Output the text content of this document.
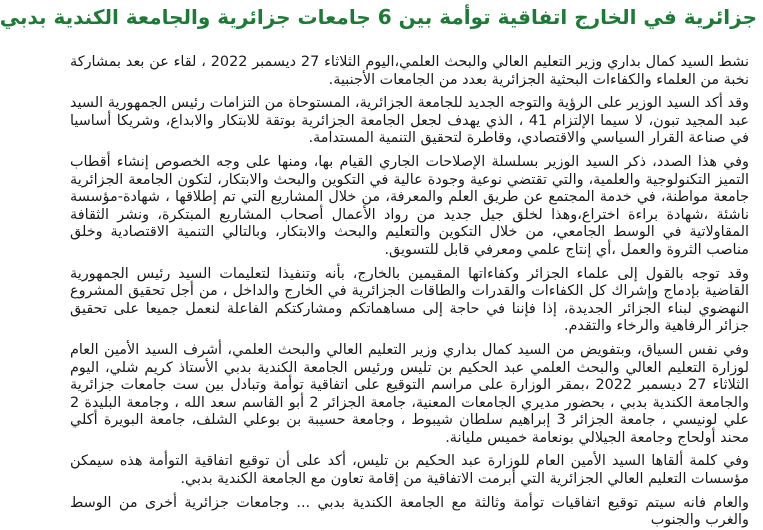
جزائرية في الخارج اتفاقية توأمة بين 6 جامعات جزائرية والجامعة الكندية بدبي

نشط السيد كمال بداري وزير التعليم العالي والبحث العلمي،اليوم الثلاثاء 27 ديسمبر 2022 ، لقاء عن بعد بمشاركة نخبة من العلماء والكفاءات البحثية الجزائرية بعدد من الجامعات الأجنبية.

وقد أكد السيد الوزير على الرؤية والتوجه الجديد للجامعة الجزائرية، المستوحاة من التزامات رئيس الجمهورية السيد عبد المجيد تبون، لا سيما الإلتزام 41 ، الذي يهدف لجعل الجامعة الجزائرية بوتقة للابتكار والابداع، وشريكا أساسيا في صناعة القرار السياسي والاقتصادي، وقاطرة لتحقيق التنمية المستدامة.

وفي هذا الصدد، ذكر السيد الوزير بسلسلة الإصلاحات الجاري القيام بها، ومنها على وجه الخصوص إنشاء أقطاب التميز التكنولوجية والعلمية، والتي تقتضي نوعية وجودة عالية في التكوين والبحث والابتكار، لتكون الجامعة الجزائرية جامعة مواطنة، في خدمة المجتمع عن طريق العلم والمعرفة، من خلال المشاريع التي تم إطلاقها ، شهادة-مؤسسة ناشئة ،شهادة براءة اختراع،وهذا لخلق جيل جديد من رواد الأعمال أصحاب المشاريع المبتكرة، ونشر الثقافة المقاولاتية في الوسط الجامعي، من خلال التكوين والتعليم والبحث والابتكار، وبالتالي التنمية الاقتصادية وخلق مناصب الثروة والعمل ،أي إنتاج علمي ومعرفي قابل للتسويق.

وقد توجه بالقول إلى علماء الجزائر وكفاءاتها المقيمين بالخارج، بأنه وتنفيذا لتعليمات السيد رئيس الجمهورية القاضية بإدماج وإشراك كل الكفاءات والقدرات والطاقات الجزائرية في الخارج والداخل ، من أجل تحقيق المشروع النهضوي لبناء الجزائر الجديدة، إذا فإننا في حاجة إلى مساهماتكم ومشاركتكم الفاعلة لنعمل جميعا على تحقيق جزائر الرفاهية والرخاء والتقدم.

وفي نفس السياق، وبتفويض من السيد كمال بداري وزير التعليم العالي والبحث العلمي، أشرف السيد الأمين العام لوزارة التعليم العالي والبحث العلمي عبد الحكيم بن تليس ورئيس الجامعة الكندية بدبي الأستاذ كريم شلي، اليوم الثلاثاء 27 ديسمبر 2022 ،بمقر الوزارة على مراسم التوقيع على اتفاقية توأمة وتبادل بين ست جامعات جزائرية والجامعة الكندية بدبي ، بحضور مديري الجامعات المعنية، جامعة الجزائر 2 أبو القاسم سعد الله ، وجامعة البليدة 2 علي لونيسي ، جامعة الجزائر 3 إبراهيم سلطان شيبوط ، وجامعة حسيبة بن بوعلي الشلف، جامعة البويرة أكلي محند أولحاج وجامعة الجيلالي بونعامة خميس مليانة.

وفي كلمة ألقاها السيد الأمين العام للوزارة عبد الحكيم بن تليس، أكد على أن توقيع اتفاقية التوأمة هذه سيمكن مؤسسات التعليم العالي الجزائرية التي أبرمت الاتفاقية من إقامة تعاون مع الجامعة الكندية بدبي.

والعام فانه سيتم توقيع اتفاقيات توأمة وثالثة مع الجامعة الكندية بدبي ... وجامعات جزائرية أخرى من الوسط والغرب والجنوب
